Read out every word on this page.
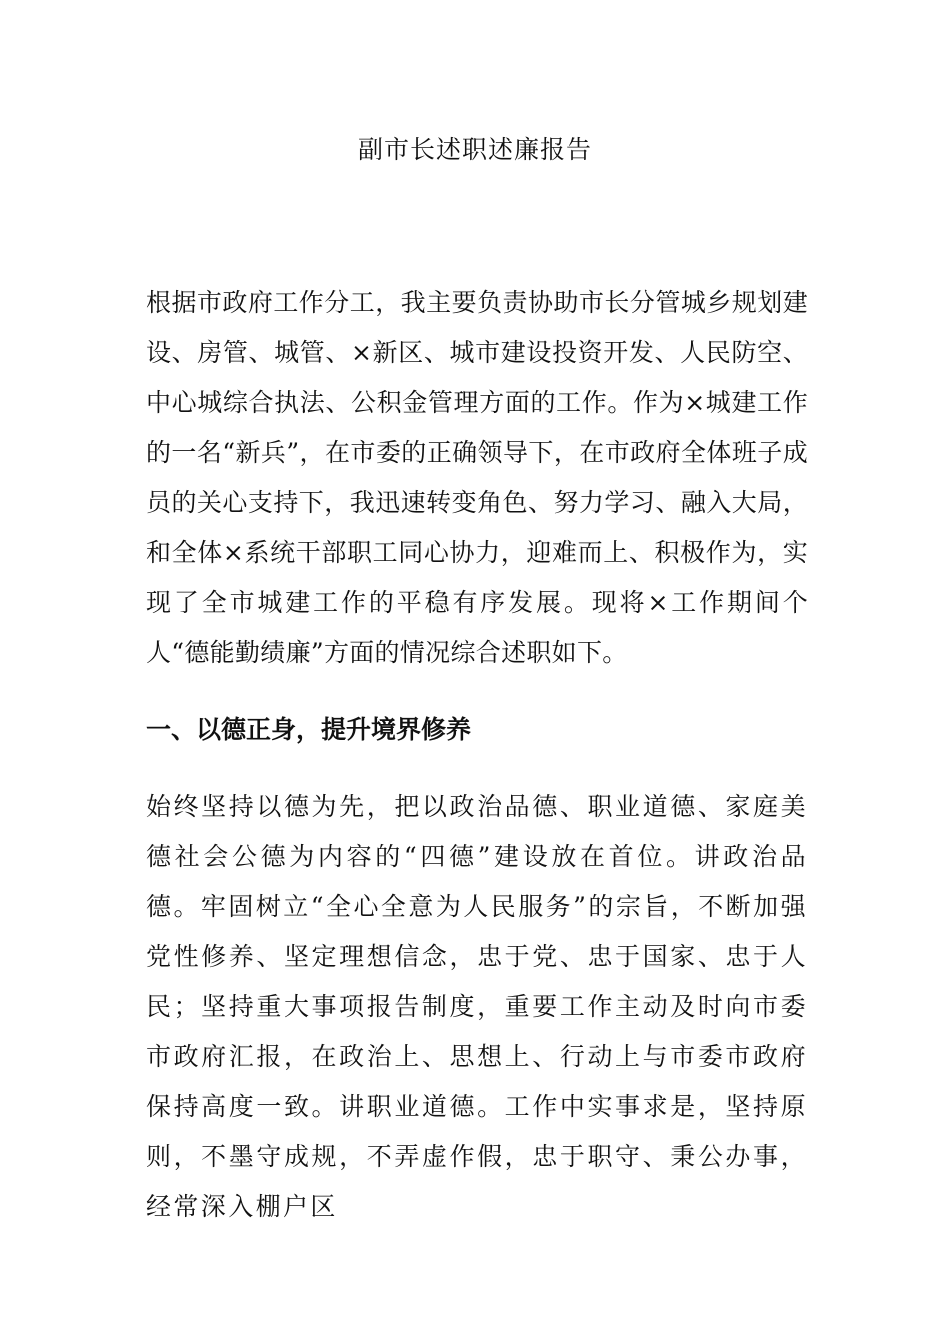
副市长述职述廉报告

根据市政府工作分工，我主要负责协助市长分管城乡规划建设、房管、城管、×新区、城市建设投资开发、人民防空、中心城综合执法、公积金管理方面的工作。作为×城建工作的一名“新兵”，在市委的正确领导下，在市政府全体班子成员的关心支持下，我迅速转变角色、努力学习、融入大局，和全体×系统干部职工同心协力，迎难而上、积极作为，实现了全市城建工作的平稳有序发展。现将×工作期间个人“德能勤绩廉”方面的情况综合述职如下。

一、以德正身，提升境界修养

始终坚持以德为先，把以政治品德、职业道德、家庭美德社会公德为内容的“四德”建设放在首位。讲政治品德。牢固树立“全心全意为人民服务”的宗旨，不断加强党性修养、坚定理想信念，忠于党、忠于国家、忠于人民；坚持重大事项报告制度，重要工作主动及时向市委市政府汇报，在政治上、思想上、行动上与市委市政府保持高度一致。讲职业道德。工作中实事求是，坚持原则，不墨守成规，不弄虚作假，忠于职守、秉公办事，经常深入棚户区
